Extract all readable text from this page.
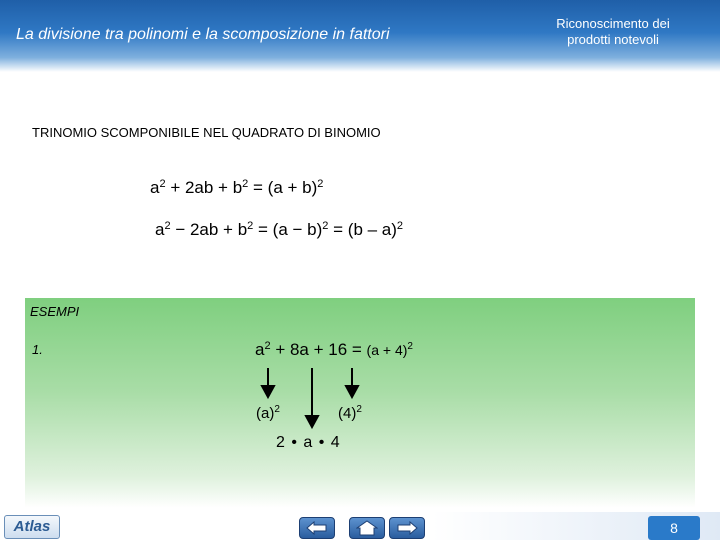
La divisione tra polinomi e la scomposizione in fattori
Riconoscimento dei
prodotti notevoli
TRINOMIO SCOMPONIBILE NEL QUADRATO DI BINOMIO
$a^2 + 2ab + b^2 = (a + b)^2$
$a^2 - 2ab + b^2 = (a - b)^2 = (b - a)^2$
ESEMPI
1.	$a^2 + 8a + 16 = (a + 4)^2$
$(a)^2$	$(4)^2$
2 • a • 4
Atlas	8
